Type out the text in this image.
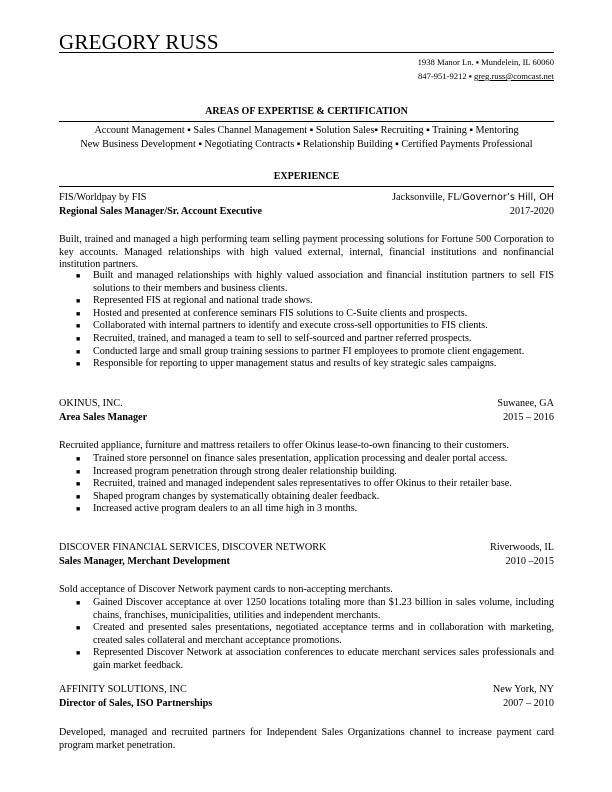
GREGORY RUSS
1938 Manor Ln. ▪ Mundelein, IL 60060
847-951-9212 ▪ greg.russ@comcast.net
AREAS OF EXPERTISE & CERTIFICATION
Account Management ▪ Sales Channel Management ▪ Solution Sales▪ Recruiting ▪ Training ▪ Mentoring
New Business Development ▪ Negotiating Contracts ▪ Relationship Building ▪ Certified Payments Professional
EXPERIENCE
FIS/Worldpay by FIS	Jacksonville, FL/Governor’s Hill, OH
Regional Sales Manager/Sr. Account Executive	2017-2020
Built, trained and managed a high performing team selling payment processing solutions for Fortune 500 Corporation to key accounts. Managed relationships with high valued external, internal, financial institutions and nonfinancial institution partners.
■ Built and managed relationships with highly valued association and financial institution partners to sell FIS solutions to their members and business clients.
■ Represented FIS at regional and national trade shows.
■ Hosted and presented at conference seminars FIS solutions to C-Suite clients and prospects.
■ Collaborated with internal partners to identify and execute cross-sell opportunities to FIS clients.
■ Recruited, trained, and managed a team to sell to self-sourced and partner referred prospects.
■ Conducted large and small group training sessions to partner FI employees to promote client engagement.
■ Responsible for reporting to upper management status and results of key strategic sales campaigns.
OKINUS, INC.	Suwanee, GA
Area Sales Manager	2015 – 2016
Recruited appliance, furniture and mattress retailers to offer Okinus lease-to-own financing to their customers.
■ Trained store personnel on finance sales presentation, application processing and dealer portal access.
■ Increased program penetration through strong dealer relationship building.
■ Recruited, trained and managed independent sales representatives to offer Okinus to their retailer base.
■ Shaped program changes by systematically obtaining dealer feedback.
■ Increased active program dealers to an all time high in 3 months.
DISCOVER FINANCIAL SERVICES, DISCOVER NETWORK	Riverwoods, IL
Sales Manager, Merchant Development	2010 –2015
Sold acceptance of Discover Network payment cards to non-accepting merchants.
■ Gained Discover acceptance at over 1250 locations totaling more than $1.23 billion in sales volume, including chains, franchises, municipalities, utilities and independent merchants.
■ Created and presented sales presentations, negotiated acceptance terms and in collaboration with marketing, created sales collateral and merchant acceptance promotions.
■ Represented Discover Network at association conferences to educate merchant services sales professionals and gain market feedback.
AFFINITY SOLUTIONS, INC	New York, NY
Director of Sales, ISO Partnerships	2007 – 2010
Developed, managed and recruited partners for Independent Sales Organizations channel to increase payment card program market penetration.
